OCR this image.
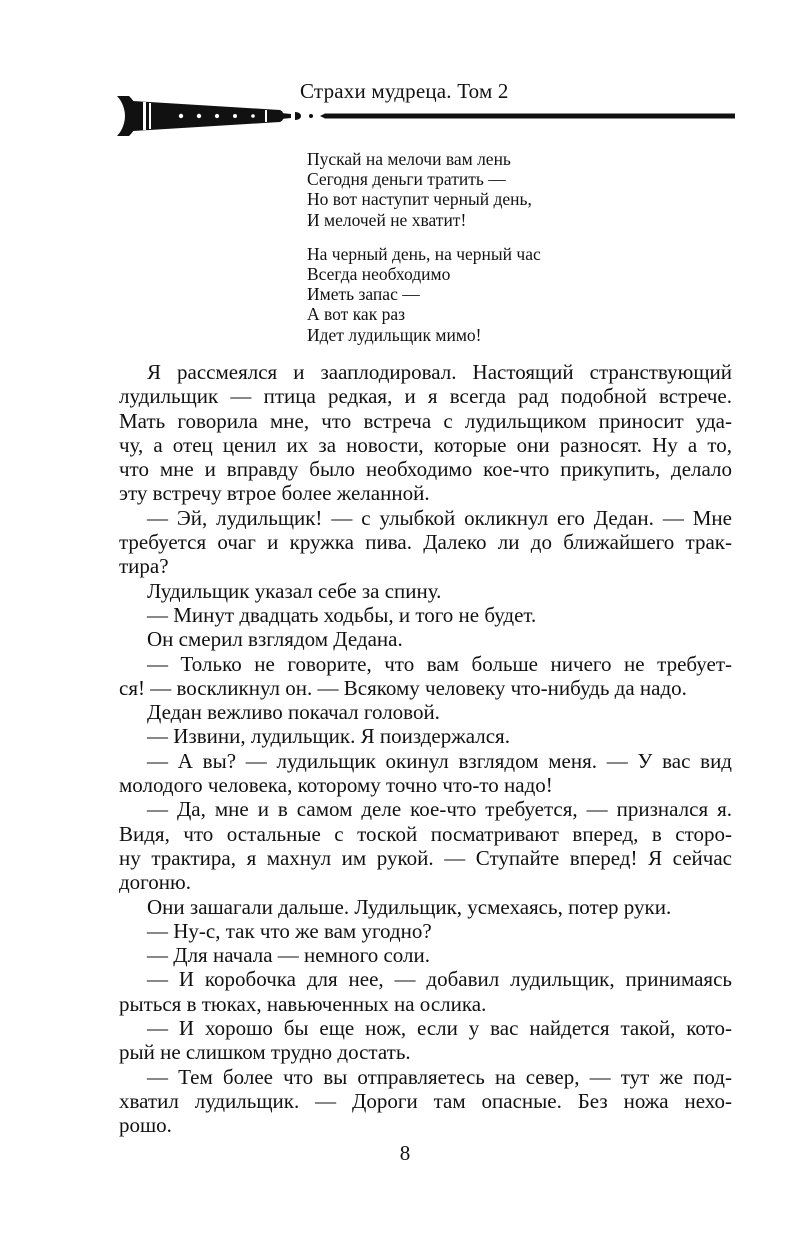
Страхи мудреца. Том 2
Пускай на мелочи вам лень
Сегодня деньги тратить —
Но вот наступит черный день,
И мелочей не хватит!
На черный день, на черный час
Всегда необходимо
Иметь запас —
А вот как раз
Идет лудильщик мимо!
Я рассмеялся и зааплодировал. Настоящий странствующий
лудильщик — птица редкая, и я всегда рад подобной встрече.
Мать говорила мне, что встреча с лудильщиком приносит уда-
чу, а отец ценил их за новости, которые они разносят. Ну а то,
что мне и вправду было необходимо кое-что прикупить, делало
эту встречу втрое более желанной.
— Эй, лудильщик! — с улыбкой окликнул его Дедан. — Мне
требуется очаг и кружка пива. Далеко ли до ближайшего трак-
тира?
Лудильщик указал себе за спину.
— Минут двадцать ходьбы, и того не будет.
Он смерил взглядом Дедана.
— Только не говорите, что вам больше ничего не требует-
ся! — воскликнул он. — Всякому человеку что-нибудь да надо.
Дедан вежливо покачал головой.
— Извини, лудильщик. Я поиздержался.
— А вы? — лудильщик окинул взглядом меня. — У вас вид
молодого человека, которому точно что-то надо!
— Да, мне и в самом деле кое-что требуется, — признался я.
Видя, что остальные с тоской посматривают вперед, в сторо-
ну трактира, я махнул им рукой. — Ступайте вперед! Я сейчас
догоню.
Они зашагали дальше. Лудильщик, усмехаясь, потер руки.
— Ну-с, так что же вам угодно?
— Для начала — немного соли.
— И коробочка для нее, — добавил лудильщик, принимаясь
рыться в тюках, навьюченных на ослика.
— И хорошо бы еще нож, если у вас найдется такой, кото-
рый не слишком трудно достать.
— Тем более что вы отправляетесь на север, — тут же под-
хватил лудильщик. — Дороги там опасные. Без ножа нехо-
рошо.
8
